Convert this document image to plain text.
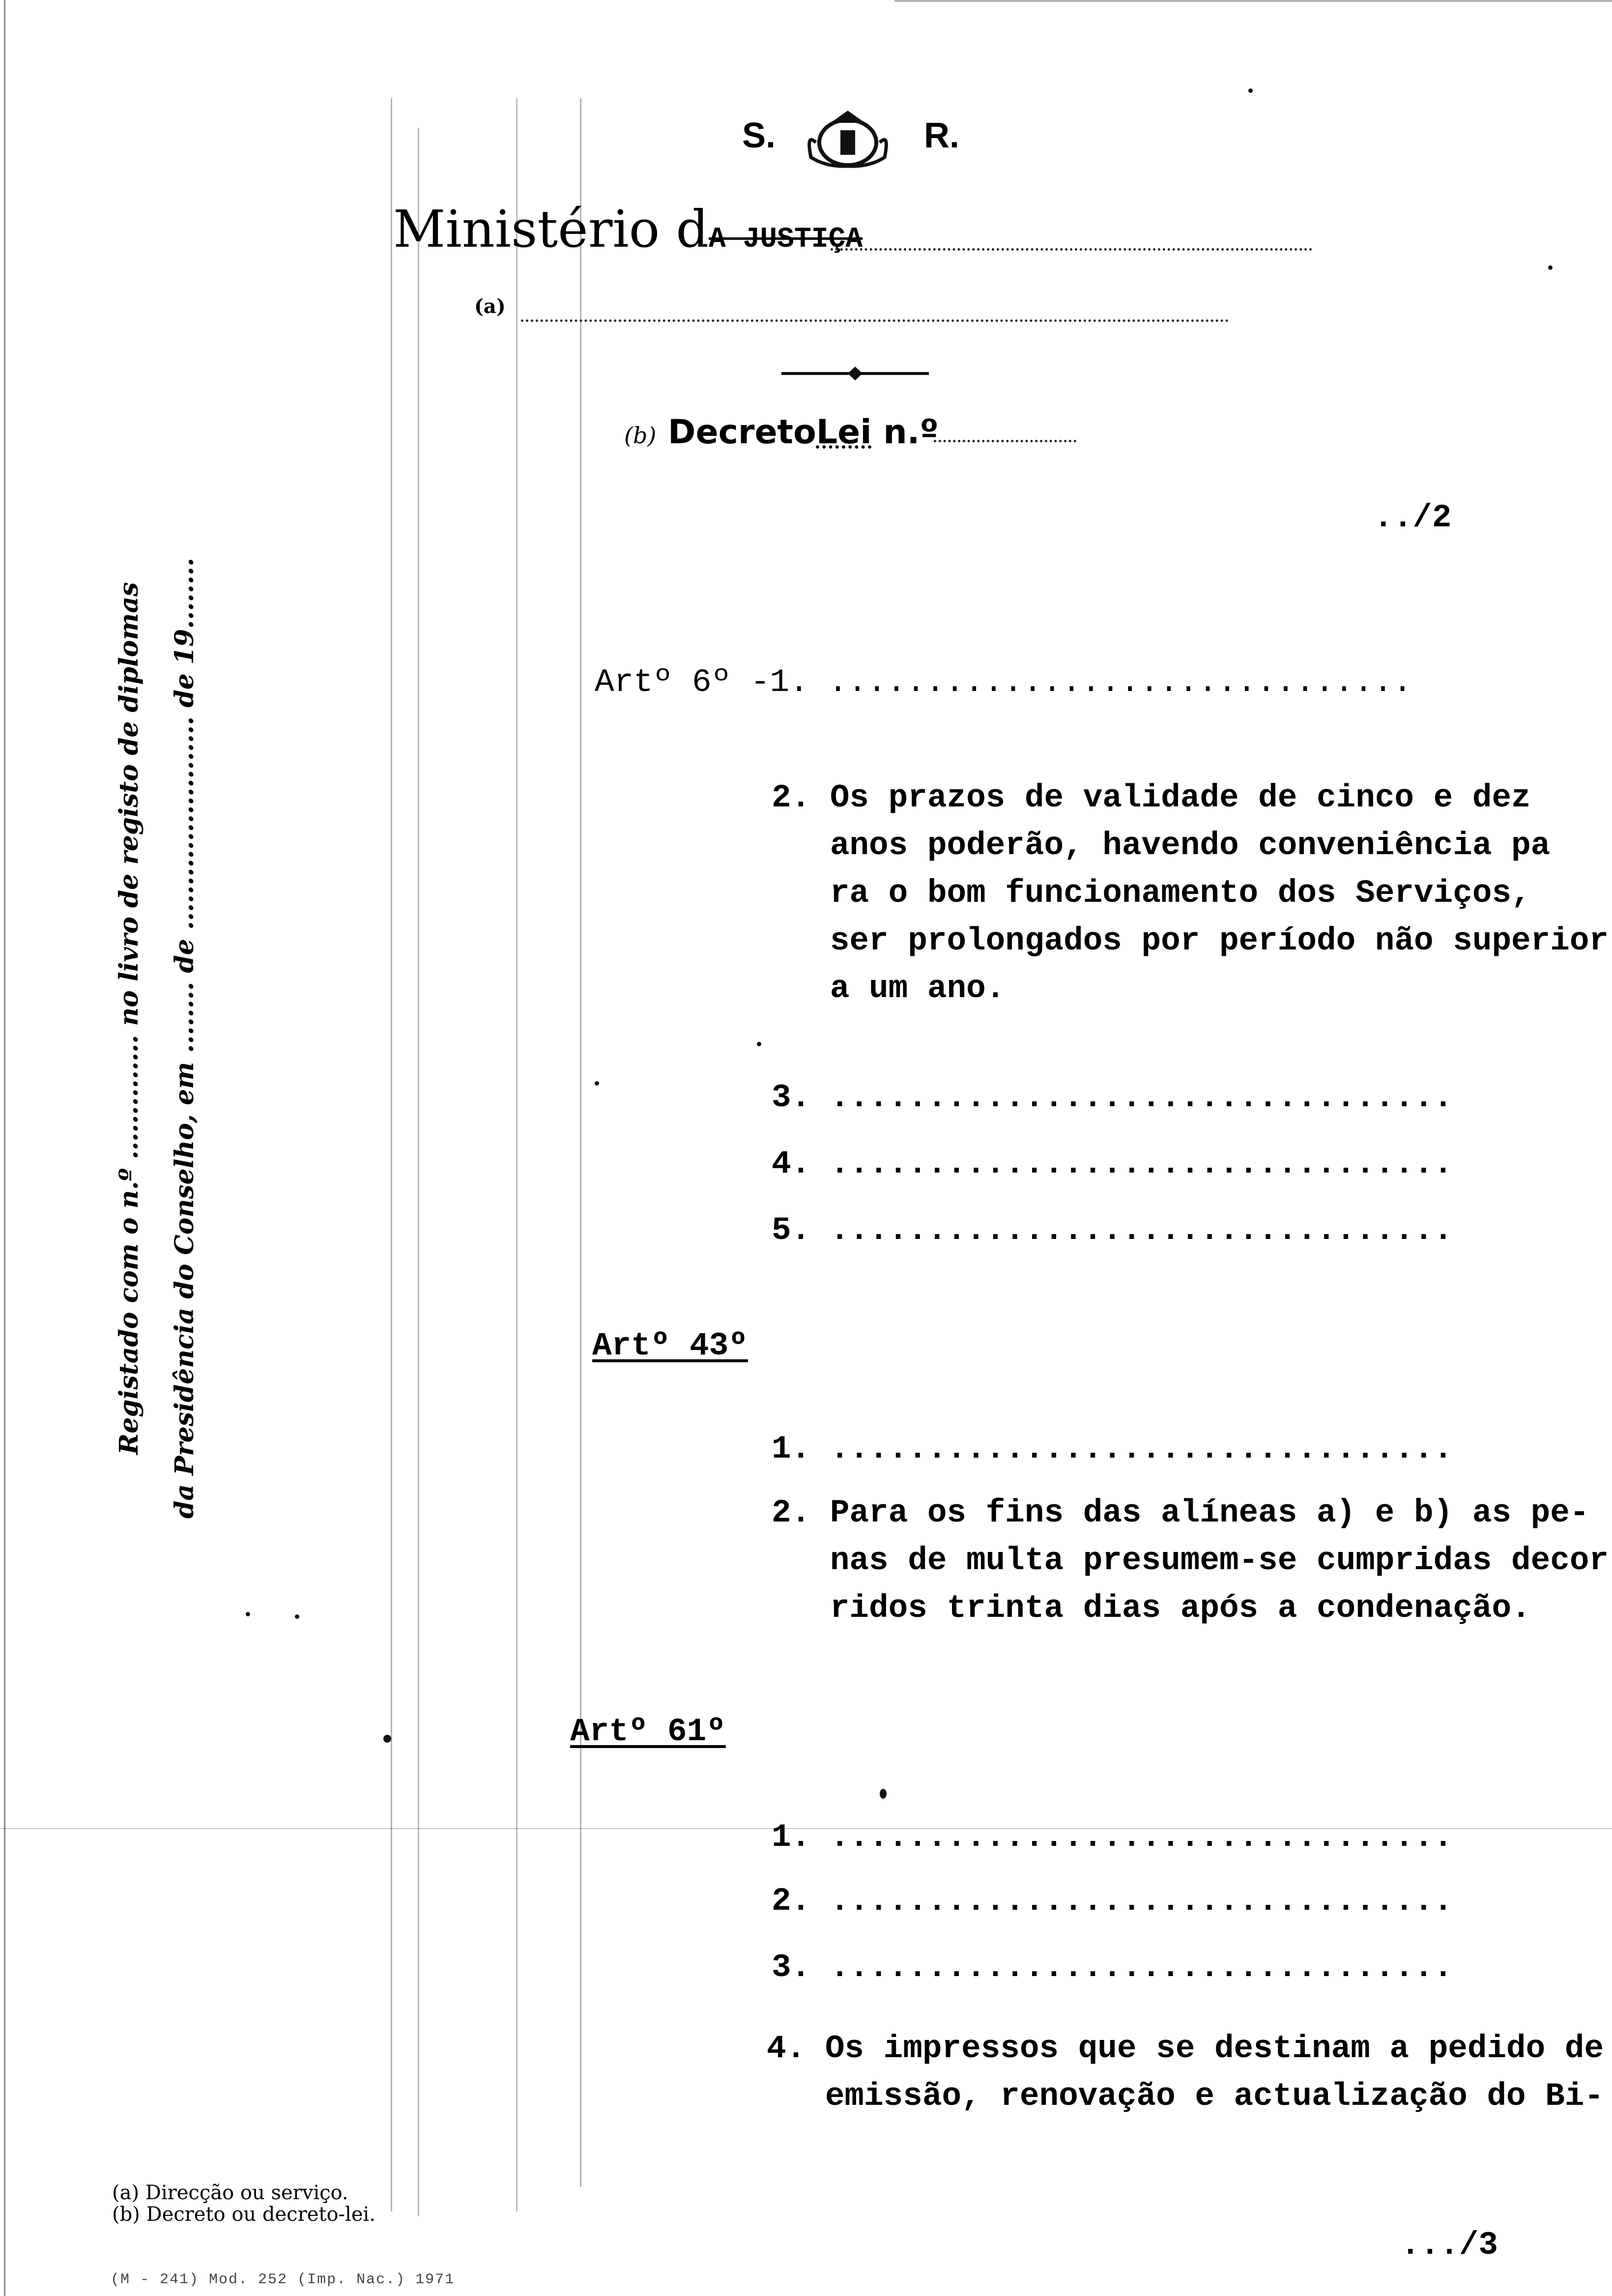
S.	R.
Ministério dA JUSTIÇA
(a)
(b) DecretoLei n.º
../2
Registado com o n.º .............. no livro de registo de diplomas da Presidência do Conselho, em ........ de ........................ de 19........	Artº 6º -1. ..............................
2. Os prazos de validade de cinco e dez
anos poderão, havendo conveniência pa
ra o bom funcionamento dos Serviços,
ser prolongados por período não superior
a um ano.
3. ................................
4. ................................
5. ................................
Artº 43º
1. ................................
2. Para os fins das alíneas a) e b) as pe-
nas de multa presumem-se cumpridas decor
ridos trinta dias após a condenação.
Artº 61º
1. ................................
2. ................................
3. ................................
4. Os impressos que se destinam a pedido de
emissão, renovação e actualização do Bi-
(a) Direcção ou serviço.
(b) Decreto ou decreto-lei.
.../3
(M - 241) Mod. 252 (Imp. Nac.) 1971
